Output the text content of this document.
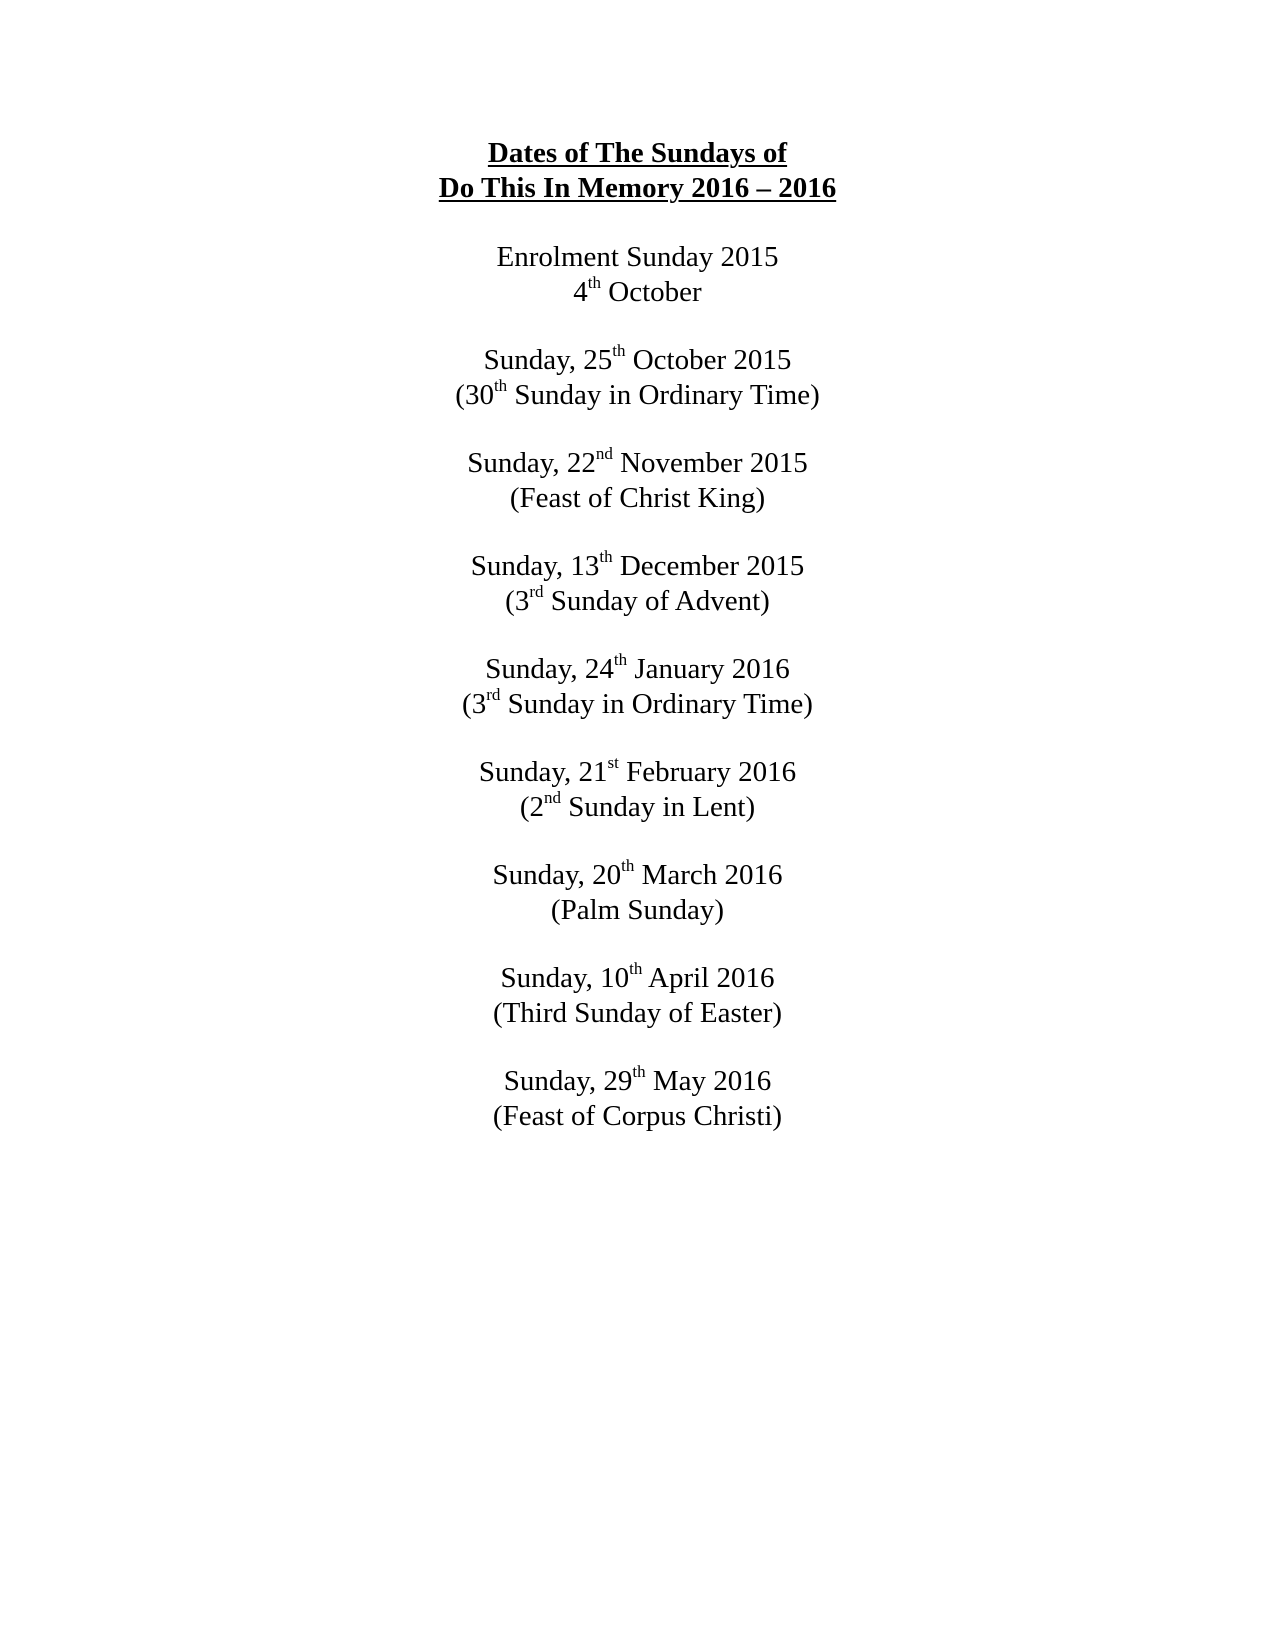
Dates of The Sundays of
Do This In Memory 2016 – 2016
Enrolment Sunday 2015
4th October
Sunday, 25th October 2015
(30th Sunday in Ordinary Time)
Sunday, 22nd November 2015
(Feast of Christ King)
Sunday, 13th December 2015
(3rd Sunday of Advent)
Sunday, 24th January 2016
(3rd Sunday in Ordinary Time)
Sunday, 21st February 2016
(2nd Sunday in Lent)
Sunday, 20th March 2016
(Palm Sunday)
Sunday, 10th April 2016
(Third Sunday of Easter)
Sunday, 29th May 2016
(Feast of Corpus Christi)
